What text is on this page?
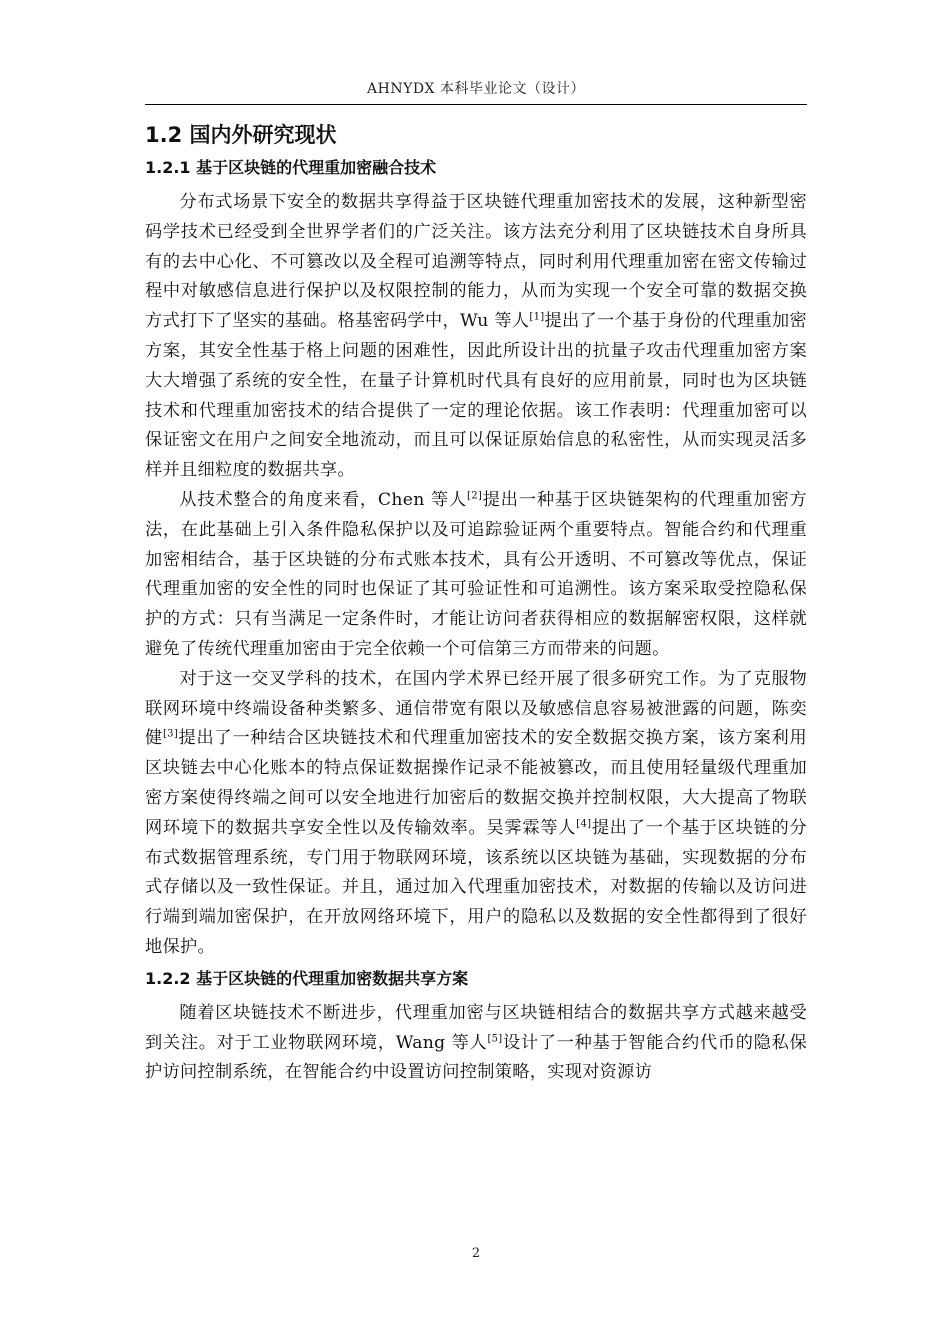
AHNYDX 本科毕业论文（设计）
1.2 国内外研究现状
1.2.1 基于区块链的代理重加密融合技术

分布式场景下安全的数据共享得益于区块链代理重加密技术的发展，这种新型密码学技术已经受到全世界学者们的广泛关注。该方法充分利用了区块链技术自身所具有的去中心化、不可篡改以及全程可追溯等特点，同时利用代理重加密在密文传输过程中对敏感信息进行保护以及权限控制的能力，从而为实现一个安全可靠的数据交换方式打下了坚实的基础。格基密码学中，Wu 等人[1]提出了一个基于身份的代理重加密方案，其安全性基于格上问题的困难性，因此所设计出的抗量子攻击代理重加密方案大大增强了系统的安全性，在量子计算机时代具有良好的应用前景，同时也为区块链技术和代理重加密技术的结合提供了一定的理论依据。该工作表明：代理重加密可以保证密文在用户之间安全地流动，而且可以保证原始信息的私密性，从而实现灵活多样并且细粒度的数据共享。

从技术整合的角度来看，Chen 等人[2]提出一种基于区块链架构的代理重加密方法，在此基础上引入条件隐私保护以及可追踪验证两个重要特点。智能合约和代理重加密相结合，基于区块链的分布式账本技术，具有公开透明、不可篡改等优点，保证代理重加密的安全性的同时也保证了其可验证性和可追溯性。该方案采取受控隐私保护的方式：只有当满足一定条件时，才能让访问者获得相应的数据解密权限，这样就避免了传统代理重加密由于完全依赖一个可信第三方而带来的问题。

对于这一交叉学科的技术，在国内学术界已经开展了很多研究工作。为了克服物联网环境中终端设备种类繁多、通信带宽有限以及敏感信息容易被泄露的问题，陈奕健[3]提出了一种结合区块链技术和代理重加密技术的安全数据交换方案，该方案利用区块链去中心化账本的特点保证数据操作记录不能被篡改，而且使用轻量级代理重加密方案使得终端之间可以安全地进行加密后的数据交换并控制权限，大大提高了物联网环境下的数据共享安全性以及传输效率。吴霁霖等人[4]提出了一个基于区块链的分布式数据管理系统，专门用于物联网环境，该系统以区块链为基础，实现数据的分布式存储以及一致性保证。并且，通过加入代理重加密技术，对数据的传输以及访问进行端到端加密保护，在开放网络环境下，用户的隐私以及数据的安全性都得到了很好地保护。

1.2.2 基于区块链的代理重加密数据共享方案

随着区块链技术不断进步，代理重加密与区块链相结合的数据共享方式越来越受到关注。对于工业物联网环境，Wang 等人[5]设计了一种基于智能合约代币的隐私保护访问控制系统，在智能合约中设置访问控制策略，实现对资源访

2
